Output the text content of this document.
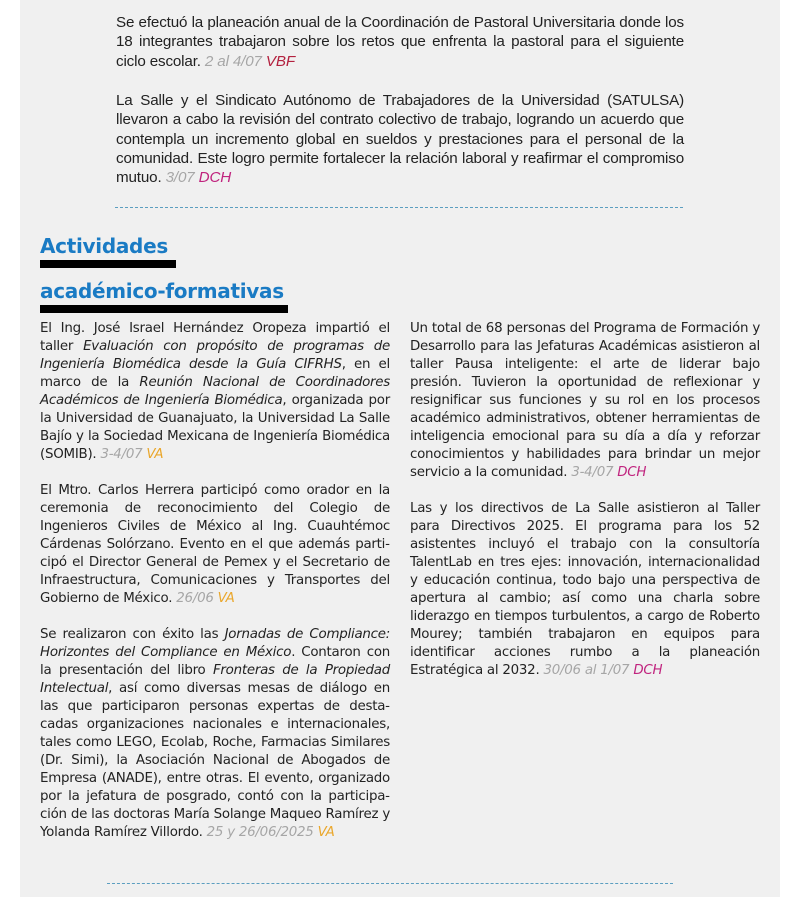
Se efectuó la planeación anual de la Coordinación de Pastoral Universitaria donde los 18 integrantes trabajaron sobre los retos que enfrenta la pastoral para el siguiente ciclo escolar. 2 al 4/07 VBF

La Salle y el Sindicato Autónomo de Trabajadores de la Universidad (SATULSA) llevaron a cabo la revisión del contrato colectivo de trabajo, logrando un acuerdo que contempla un incremento global en sueldos y prestaciones para el personal de la comunidad. Este logro permite fortalecer la relación laboral y reafirmar el compromiso mutuo. 3/07 DCH

Actividades
académico-formativas

El Ing. José Israel Hernández Oropeza impartió el taller Evaluación con propósito de programas de Ingeniería Biomédica desde la Guía CIFRHS, en el marco de la Reunión Nacional de Coordinadores Académicos de Ingeniería Biomédica, organizada por la Universidad de Guanajuato, la Universidad La Salle Bajío y la Sociedad Mexicana de Ingeniería Biomédica (SOMIB). 3-4/07 VA

El Mtro. Carlos Herrera participó como orador en la ceremonia de reconocimiento del Colegio de Ingenieros Civiles de México al Ing. Cuauhtémoc Cárdenas Solórzano. Evento en el que además participó el Director General de Pemex y el Secretario de Infraestructura, Comunicaciones y Transportes del Gobierno de México. 26/06 VA

Se realizaron con éxito las Jornadas de Compliance: Horizontes del Compliance en México. Contaron con la presentación del libro Fronteras de la Propiedad Intelectual, así como diversas mesas de diálogo en las que participaron personas expertas de destacadas organizaciones nacionales e internacionales, tales como LEGO, Ecolab, Roche, Farmacias Similares (Dr. Simi), la Asociación Nacional de Abogados de Empresa (ANADE), entre otras. El evento, organizado por la jefatura de posgrado, contó con la participación de las doctoras María Solange Maqueo Ramírez y Yolanda Ramírez Villordo. 25 y 26/06/2025 VA

Un total de 68 personas del Programa de Formación y Desarrollo para las Jefaturas Académicas asistieron al taller Pausa inteligente: el arte de liderar bajo presión. Tuvieron la oportunidad de reflexionar y resignificar sus funciones y su rol en los procesos académico administrativos, obtener herramientas de inteligencia emocional para su día a día y reforzar conocimientos y habilidades para brindar un mejor servicio a la comunidad. 3-4/07 DCH

Las y los directivos de La Salle asistieron al Taller para Directivos 2025. El programa para los 52 asistentes incluyó el trabajo con la consultoría TalentLab en tres ejes: innovación, internacionalidad y educación continua, todo bajo una perspectiva de apertura al cambio; así como una charla sobre liderazgo en tiempos turbulentos, a cargo de Roberto Mourey; también trabajaron en equipos para identificar acciones rumbo a la planeación Estratégica al 2032. 30/06 al 1/07 DCH
